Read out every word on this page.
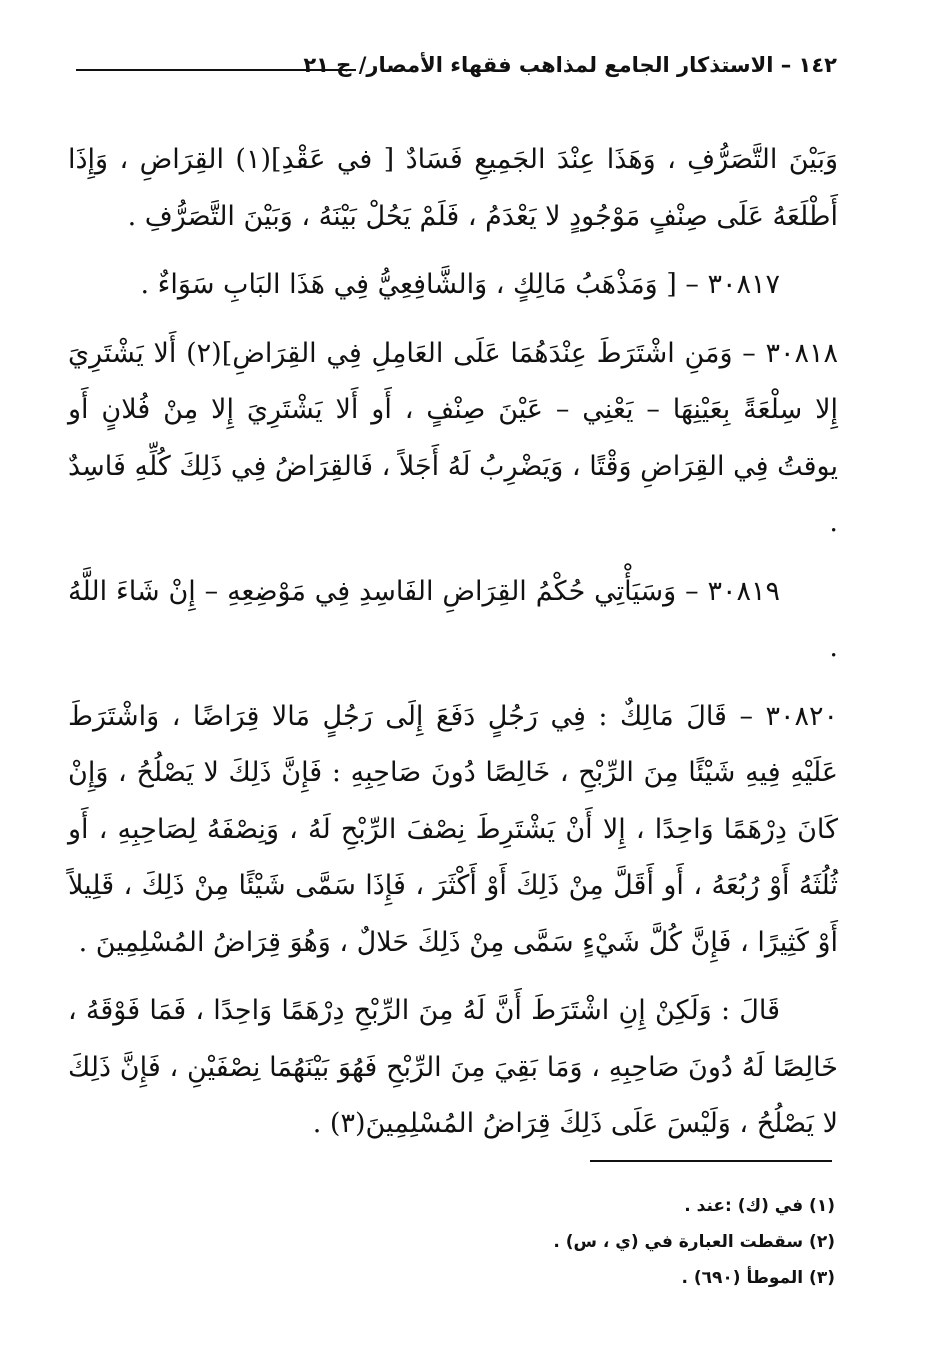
١٤٢ – الاستذكار الجامع لمذاهب فقهاء الأمصار/ ج ٢١

وَبَيْنَ التَّصَرُّفِ ، وَهَذَا عِنْدَ الجَمِيعِ فَسَادٌ [ في عَقْدِ](١) القِرَاضِ ، وَإِذَا أَطْلَعَهُ عَلَى صِنْفٍ مَوْجُودٍ لا يَعْدَمُ ، فَلَمْ يَحُلْ بَيْنَهُ ، وَبَيْنَ التَّصَرُّفِ .

٣٠٨١٧ – [ وَمَذْهَبُ مَالِكٍ ، وَالشَّافِعِيُّ فِي هَذَا البَابِ سَوَاءٌ .

٣٠٨١٨ – وَمَنِ اشْتَرَطَ عِنْدَهُمَا عَلَى العَامِلِ فِي القِرَاضِ](٢) أَلا يَشْتَرِيَ إِلا سِلْعَةً بِعَيْنِهَا – يَعْنِي – عَيْنَ صِنْفٍ ، أَو أَلا يَشْتَرِيَ إِلا مِنْ فُلانٍ أَو يوقتُ فِي القِرَاضِ وَقْتًا ، وَيَضْرِبُ لَهُ أَجَلاً ، فَالقِرَاضُ فِي ذَلِكَ كُلِّهِ فَاسِدٌ .

٣٠٨١٩ – وَسَيَأْتِي حُكْمُ القِرَاضِ الفَاسِدِ فِي مَوْضِعِهِ – إِنْ شَاءَ اللَّهُ .

٣٠٨٢٠ – قَالَ مَالِكٌ : فِي رَجُلٍ دَفَعَ إِلَى رَجُلٍ مَالا قِرَاضًا ، وَاشْتَرَطَ عَلَيْهِ فِيهِ شَيْئًا مِنَ الرِّبْحِ ، خَالِصًا دُونَ صَاحِبِهِ : فَإِنَّ ذَلِكَ لا يَصْلُحُ ، وَإِنْ كَانَ دِرْهَمًا وَاحِدًا ، إِلا أَنْ يَشْتَرِطَ نِصْفَ الرِّبْحِ لَهُ ، وَنِصْفَهُ لِصَاحِبِهِ ، أَو ثُلُثَهُ أَوْ رُبُعَهُ ، أَو أَقَلَّ مِنْ ذَلِكَ أَوْ أَكْثَرَ ، فَإِذَا سَمَّى شَيْئًا مِنْ ذَلِكَ ، قَلِيلاً أَوْ كَثِيرًا ، فَإِنَّ كُلَّ شَيْءٍ سَمَّى مِنْ ذَلِكَ حَلالٌ ، وَهُوَ قِرَاضُ المُسْلِمِينَ .

قَالَ : وَلَكِنْ إِنِ اشْتَرَطَ أَنَّ لَهُ مِنَ الرِّبْحِ دِرْهَمًا وَاحِدًا ، فَمَا فَوْقَهُ ، خَالِصًا لَهُ دُونَ صَاحِبِهِ ، وَمَا بَقِيَ مِنَ الرِّبْحِ فَهُوَ بَيْنَهُمَا نِصْفَيْنِ ، فَإِنَّ ذَلِكَ لا يَصْلُحُ ، وَلَيْسَ عَلَى ذَلِكَ قِرَاضُ المُسْلِمِينَ(٣) .

(١) في (ك) :عند .

(٢) سقطت العبارة في (ي ، س) .

(٣) الموطأ (٦٩٠) .
